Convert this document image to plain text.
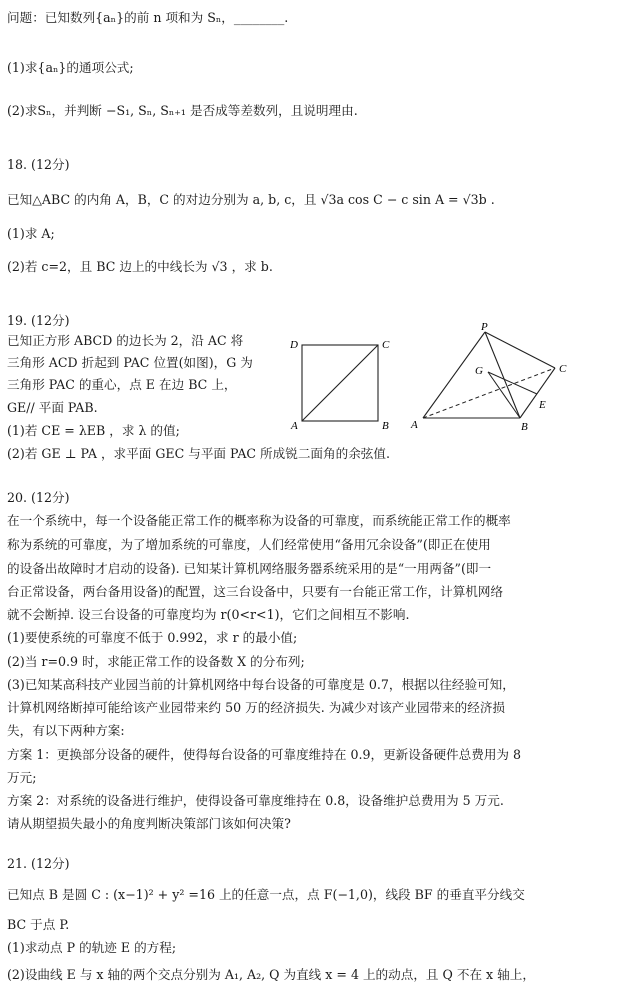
问题：已知数列{aₙ}的前 n 项和为 Sₙ，________.
(1)求{aₙ}的通项公式;
(2)求Sₙ，并判断 −S₁, Sₙ, Sₙ₊₁ 是否成等差数列，且说明理由.
18. (12分)
已知△ABC 的内角 A，B，C 的对边分别为 a, b, c，且 √3a cos C − c sin A = √3b .
(1)求 A;
(2)若 c=2，且 BC 边上的中线长为 √3 ，求 b.
19. (12分)
已知正方形 ABCD 的边长为 2，沿 AC 将
三角形 ACD 折起到 PAC 位置(如图)，G 为
三角形 PAC 的重心，点 E 在边 BC 上，
GE// 平面 PAB.
(1)若 CE = λEB ，求 λ 的值;
(2)若 GE ⊥ PA ，求平面 GEC 与平面 PAC 所成锐二面角的余弦值.
D	C
A	B
P
G	C
E
A	B
20. (12分)
在一个系统中，每一个设备能正常工作的概率称为设备的可靠度，而系统能正常工作的概率
称为系统的可靠度，为了增加系统的可靠度，人们经常使用“备用冗余设备”(即正在使用
的设备出故障时才启动的设备). 已知某计算机网络服务器系统采用的是“一用两备”(即一
台正常设备，两台备用设备)的配置，这三台设备中，只要有一台能正常工作，计算机网络
就不会断掉. 设三台设备的可靠度均为 r(0<r<1)，它们之间相互不影响.
(1)要使系统的可靠度不低于 0.992，求 r 的最小值;
(2)当 r=0.9 时，求能正常工作的设备数 X 的分布列;
(3)已知某高科技产业园当前的计算机网络中每台设备的可靠度是 0.7，根据以往经验可知，
计算机网络断掉可能给该产业园带来约 50 万的经济损失. 为减少对该产业园带来的经济损
失，有以下两种方案:
方案 1：更换部分设备的硬件，使得每台设备的可靠度维持在 0.9，更新设备硬件总费用为 8
万元;
方案 2：对系统的设备进行维护，使得设备可靠度维持在 0.8，设备维护总费用为 5 万元.
请从期望损失最小的角度判断决策部门该如何决策?
21. (12分)
已知点 B 是圆 C : (x−1)² + y² =16 上的任意一点，点 F(−1,0)，线段 BF 的垂直平分线交
BC 于点 P.
(1)求动点 P 的轨迹 E 的方程;
(2)设曲线 E 与 x 轴的两个交点分别为 A₁, A₂, Q 为直线 x = 4 上的动点，且 Q 不在 x 轴上，
